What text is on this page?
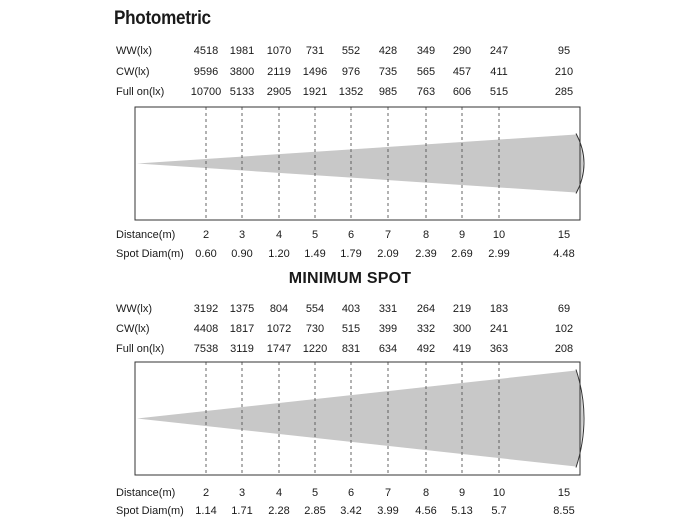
Photometric
MINIMUM SPOT
WW(lx)	4518	1981	1070	731	552	428	349	290	247	95
CW(lx)	9596	3800	2119	1496	976	735	565	457	411	210
Full on(lx)	10700 5133	2905	1921	1352	985	763	606	515	285
Distance(m)	2	3	4	5	6	7	8	9	10	15
Spot Diam(m)	0.60	0.90	1.20	1.49	1.79	2.09	2.39	2.69	2.99	4.48
WW(lx)	3192	1375	804	554	403	331	264	219	183	69
CW(lx)	4408	1817	1072	730	515	399	332	300	241	102
Full on(lx)	7538	3119	1747	1220	831	634	492	419	363	208
Distance(m)	2	3	4	5	6	7	8	9	10	15
Spot Diam(m)	1.14	1.71	2.28	2.85	3.42	3.99	4.56	5.13	5.7	8.55
